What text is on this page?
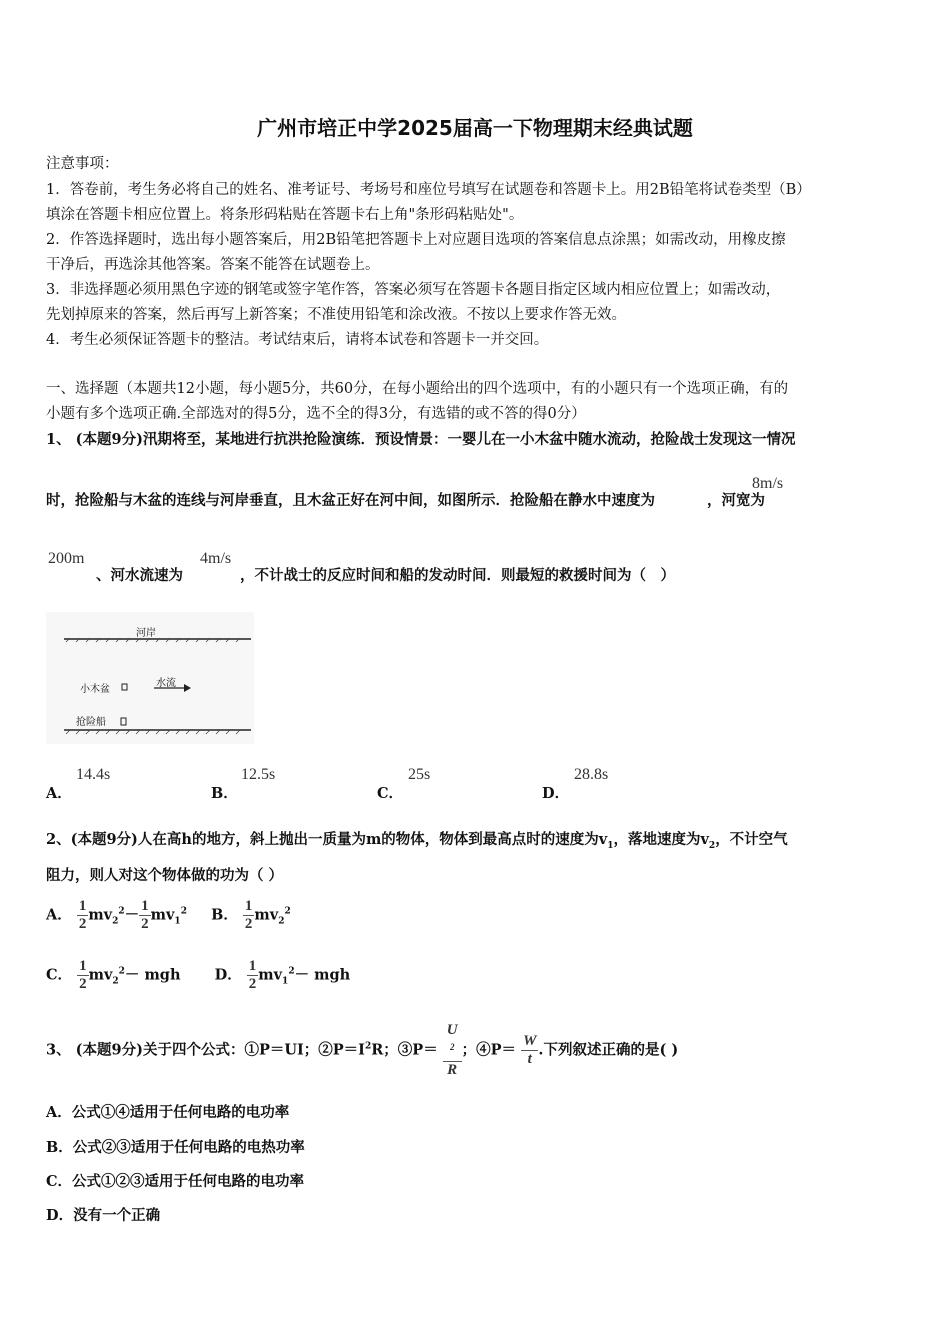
广州市培正中学2025届高一下物理期末经典试题
注意事项：
1．答卷前，考生务必将自己的姓名、准考证号、考场号和座位号填写在试题卷和答题卡上。用2B铅笔将试卷类型（B）
填涂在答题卡相应位置上。将条形码粘贴在答题卡右上角"条形码粘贴处"。
2．作答选择题时，选出每小题答案后，用2B铅笔把答题卡上对应题目选项的答案信息点涂黑；如需改动，用橡皮擦
干净后，再选涂其他答案。答案不能答在试题卷上。
3．非选择题必须用黑色字迹的钢笔或签字笔作答，答案必须写在答题卡各题目指定区域内相应位置上；如需改动，
先划掉原来的答案，然后再写上新答案；不准使用铅笔和涂改液。不按以上要求作答无效。
4．考生必须保证答题卡的整洁。考试结束后，请将本试卷和答题卡一并交回。
一、选择题（本题共12小题，每小题5分，共60分，在每小题给出的四个选项中，有的小题只有一个选项正确，有的
小题有多个选项正确.全部选对的得5分，选不全的得3分，有选错的或不答的得0分）
1、 (本题9分)汛期将至，某地进行抗洪抢险演练．预设情景：一婴儿在一小木盆中随水流动，抢险战士发现这一情况
时，抢险船与木盆的连线与河岸垂直，且木盆正好在河中间，如图所示．抢险船在静水中速度为	，河宽为
8m/s
200m	4m/s
、河水流速为	，不计战士的反应时间和船的发动时间．则最短的救援时间为（　）
河岸
小木盆
水流
抢险船
A．
14.4s
B．
12.5s
C．
25s
D．
28.8s
2、(本题9分)人在高h的地方，斜上抛出一质量为m的物体，物体到最高点时的速度为$v_1$，落地速度为$v_2$，不计空气
阻力，则人对这个物体做的功为（ ）
A． $\frac{1}{2} mv_2^2- \frac{1}{2} mv_1^2$ B． $\frac{1}{2} mv_2^2$
C． $\frac{1}{2} mv_2^2-$ mgh D． $\frac{1}{2} mv_1^2-$ mgh
3、 (本题9分)关于四个公式：①P＝UI；$②P=I^2R$；③P＝ U
$^2$
R ；④P＝ $\frac{W}{t}$ .下列叙述正确的是( )
A．公式①④适用于任何电路的电功率
B．公式②③适用于任何电路的电热功率
C．公式①②③适用于任何电路的电功率
D．没有一个正确
